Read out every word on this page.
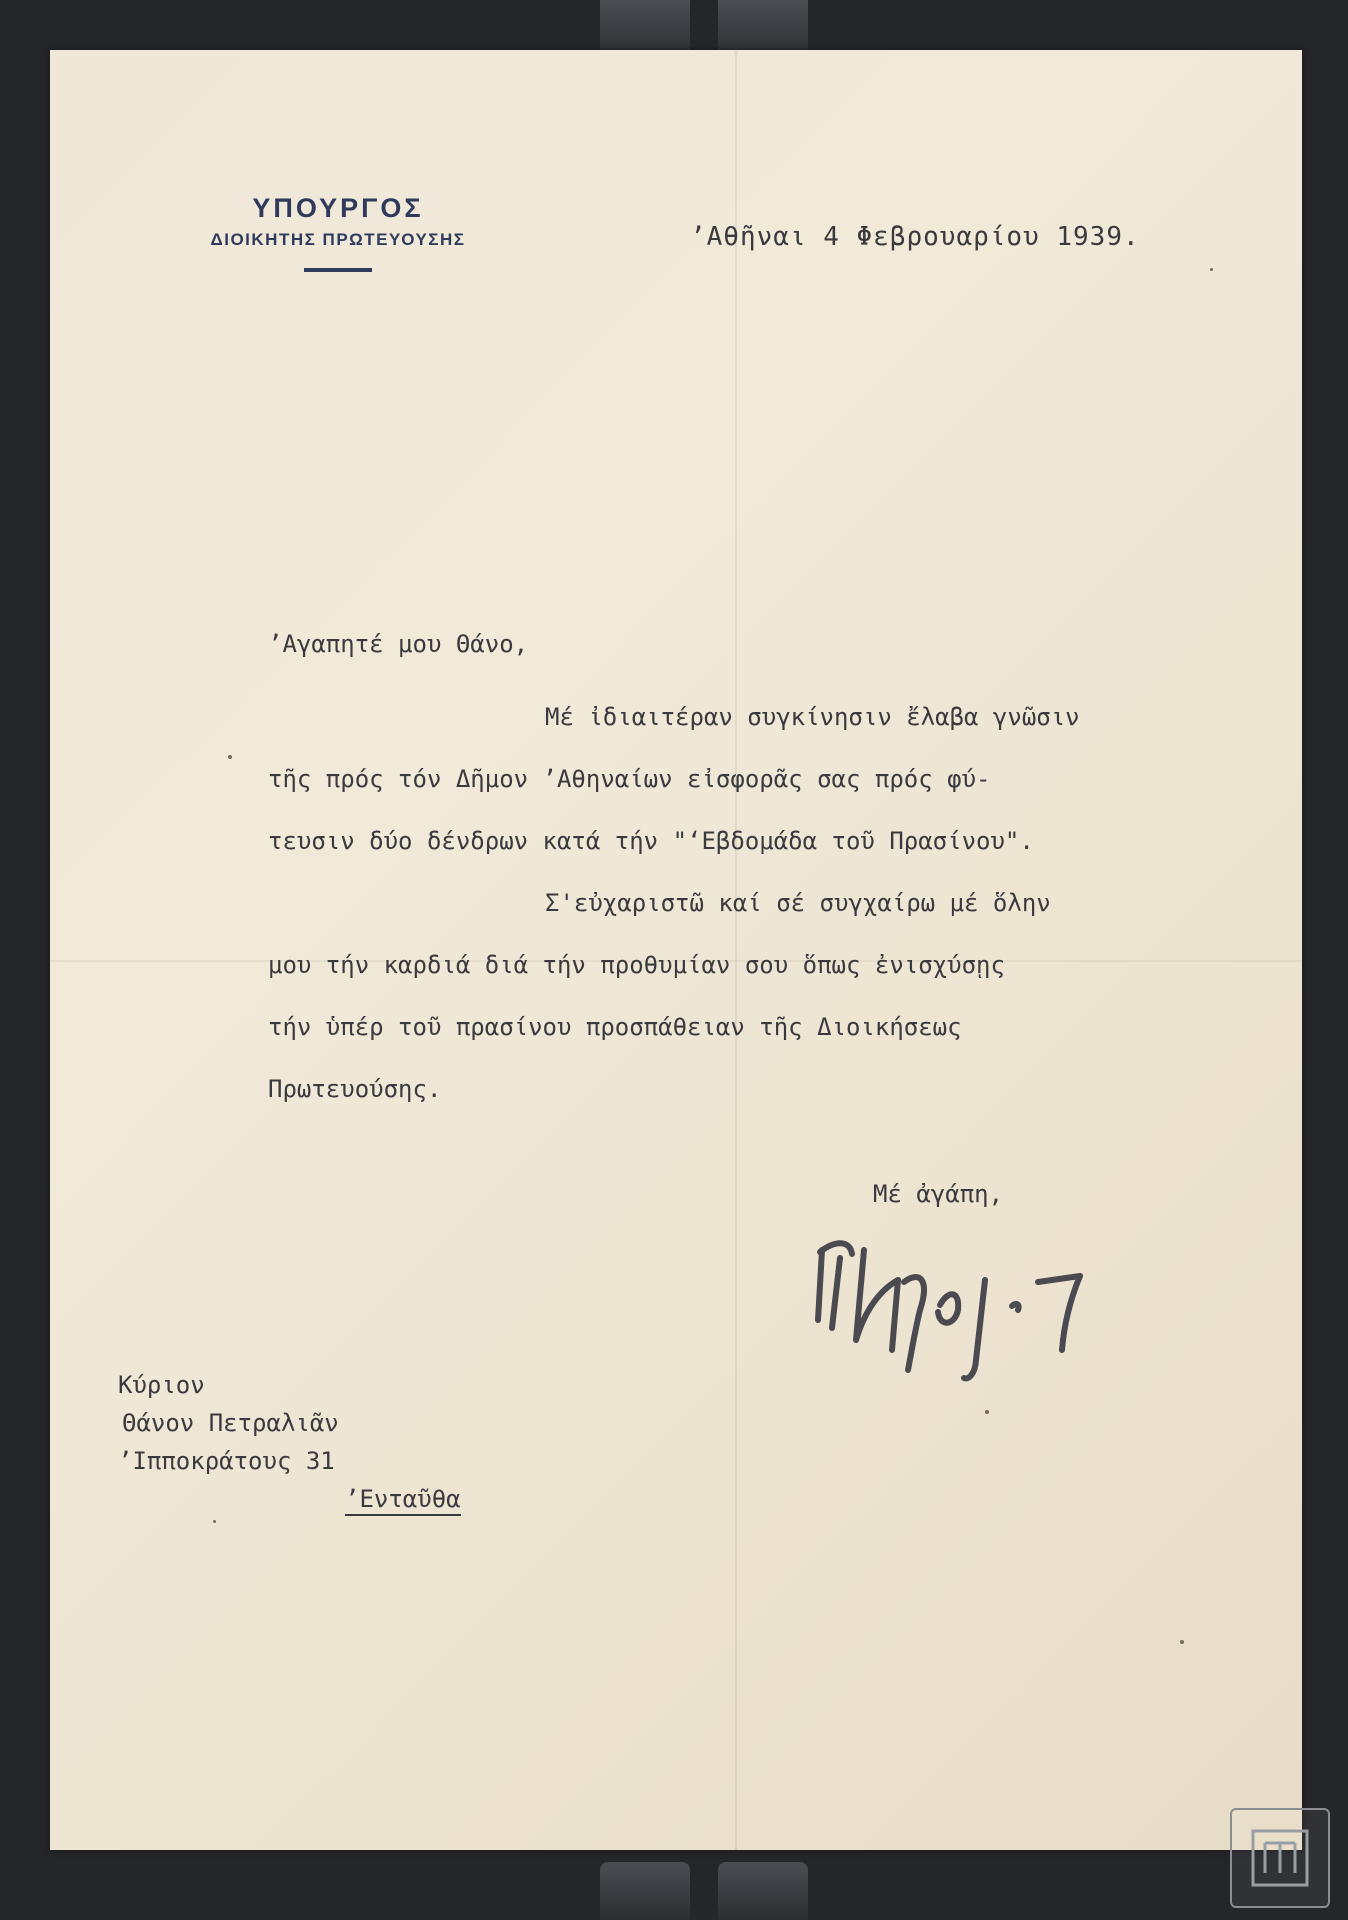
ΥΠΟΥΡΓΟΣ
ΔΙΟΙΚΗΤΗΣ ΠΡΩΤΕΥΟΥΣΗΣ	ʼΑθῆναι 4 Φεβρουαρίου 1939.
ʼΑγαπητέ μου Θάνο,
Μέ ἰδιαιτέραν συγκίνησιν ἔλαβα γνῶσιν
τῆς πρός τόν Δῆμον ʼΑθηναίων εἰσφορᾶς σας πρός φύ-
τευσιν δύο δένδρων κατά τήν "ʻΕβδομάδα τοῦ Πρασίνου".
Σ'εὐχαριστῶ καί σέ συγχαίρω μέ ὅλην
μου τήν καρδιά διά τήν προθυμίαν σου ὅπως ἐνισχύσῃς
τήν ὑπέρ τοῦ πρασίνου προσπάθειαν τῆς Διοικήσεως
Πρωτευούσης.
Μέ ἀγάπη,
Κύριον
Θάνον Πετραλιᾶν
ʼΙπποκράτους 31
ʼΕνταῦθα
